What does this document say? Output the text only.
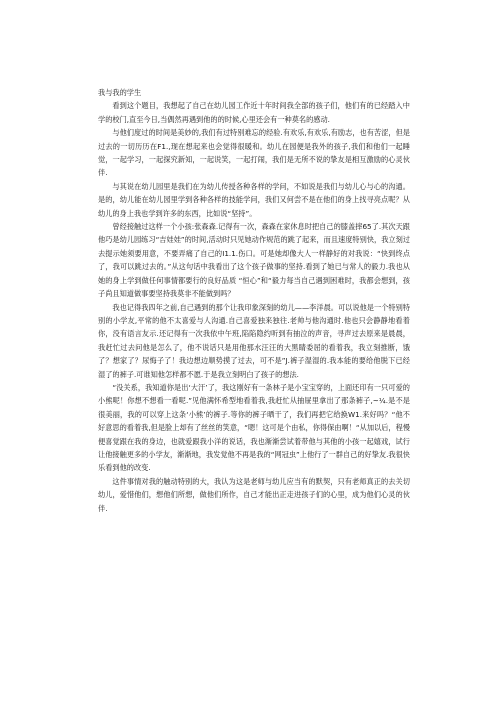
我与我的学生

看到这个题目，我想起了自己在幼儿园工作近十年时间我全部的孩子们，他们有的已经踏入中学的校门,直至今日,当偶然再遇到他的的时候,心里还会有一种莫名的感动.

与他们度过的时间是美妙的,我们有过特别难忘的经验.有欢乐,有欢乐,有励志，也有苦涩，但是过去的一切历历在F1.,现在想起来也会觉得很暖和。幼儿在园便是我外的孩子,我们和他们一起睡觉，一起学习，一起探究新知，一起说笑，一起打闹，我们是无所不说的挚友是相互激励的心灵伙伴.

与其说在幼儿园里是我们在为幼儿传授各种各样的学问，不如说是我们与幼儿心与心的沟通。是的，幼儿能在幼儿园里学到各种各样的技能学问，我们又何尝不是在他们的身上找寻亮点呢？从幼儿的身上我也学到许多的东西，比如说“坚持”。

曾经接触过这样一个小孩:张森森.记得有一次，森森在家休息时把自己的膝盖摔65了.其次天跟他巧是幼儿园练习“吉娃娃”的时间,活动时只见她动作规范的跳了起来，而且速度特别快，我立刻过去提示她须要用意，不要弄痛了自己的I1.1.伤口。可是她却像大人一样静好的对我说：“快到终点了，我可以跳过去的。”从这句话中我看出了这个孩子做事的坚持.看到了她已与常人的毅力.我也从她的身上学到做任何事情都要行的良好品质 “恒心”和“毅力每当自己遇到困难时，我都会想到，孩子尚且知道做事要坚持我莫非不能做到吗？

我也记得我四年之前,自己遇到的那个让我印象深刻的幼儿——李洋晨。可以说他是一个特别特别的小学友,平常的他不太喜爱与人沟通.自己喜爱独来独往.老帅与他沟通时.他也只会静静地看着你，没有语言友示.还记得有一次我依中午班,陷陷隐约听到有抽泣的声音，寻声过去原来是晨晨，我赶忙过去问他是怎么了，他不说话只是用他那水汪汪的大黑睛委屈的看着我，我立刻推断，饿了？想家了？尿悔子了！我边想边顺势摸了过去，可不是”J.裤子湿湿的.我本能的要给他脱下已经湿了的裤子.可谁知他怎样都不愿.于是我立刻明白了孩子的想法.

“没关系，我知道你是出‘大汗’了，我这刚好有一条林子是小宝宝穿的，上面还印有一只可爱的小熊呢！你想不想看一看呢.”见他满怀希型地看着我,我赶忙从抽屉里拿出了那条裤子,~¼.是不是很美丽，我的可以穿上这条‘小熊’的裤子.等你的裤子晒干了，我们再把它给换W1.来好吗？“他不好意思的看着我,但是脸上却有了丝丝的笑意，“嗯！这可是个由私，你得保由啊！“从加以后，程慢便喜觉跟在我的身边，也就爱跟我小洋的说话，我也渐渐尝试着带他与其他的小孩一起嬉戏，试行让他接触更多的小学友，渐渐地，我发觉他不再是我的“网冠虫”上他行了一群自己的好挚友.我很快乐看到他的改变.

这件事情对我的触动特别的大，我认为这是老师与幼儿应当有的默契，只有老师真正的去关切幼儿，爱惜他们，想他们所想，做他们所作，自己才能出正走进孩子们的心里，成为他们心灵的伙伴.
